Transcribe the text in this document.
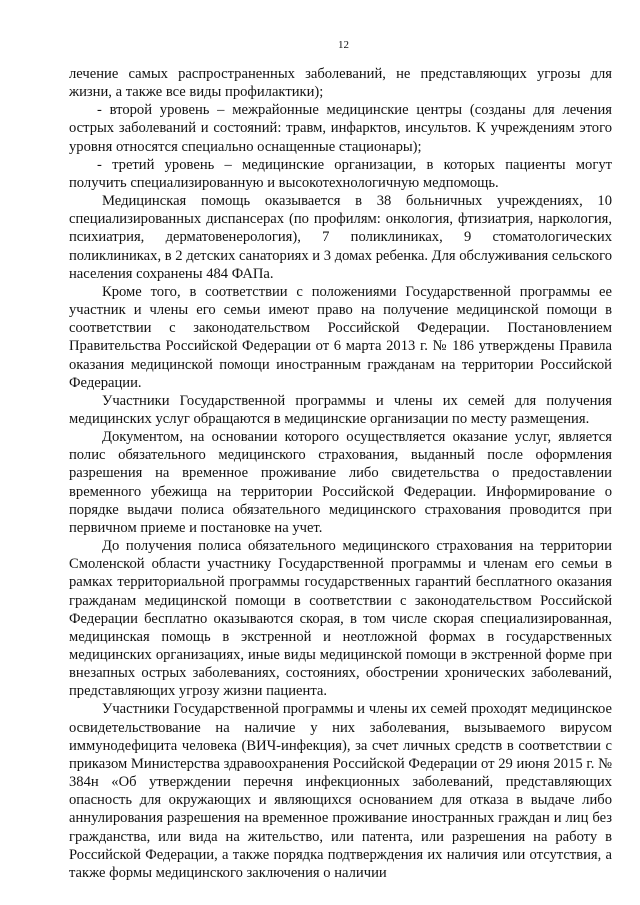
12

лечение самых распространенных заболеваний, не представляющих угрозы для жизни, а также все виды профилактики);

- второй уровень – межрайонные медицинские центры (созданы для лечения острых заболеваний и состояний: травм, инфарктов, инсультов. К учреждениям этого уровня относятся специально оснащенные стационары);

- третий уровень – медицинские организации, в которых пациенты могут получить специализированную и высокотехнологичную медпомощь.

Медицинская помощь оказывается в 38 больничных учреждениях, 10 специализированных диспансерах (по профилям: онкология, фтизиатрия, наркология, психиатрия, дерматовенерология), 7 поликлиниках, 9 стоматологических поликлиниках, в 2 детских санаториях и 3 домах ребенка. Для обслуживания сельского населения сохранены 484 ФАПа.

Кроме того, в соответствии с положениями Государственной программы ее участник и члены его семьи имеют право на получение медицинской помощи в соответствии с законодательством Российской Федерации. Постановлением Правительства Российской Федерации от 6 марта 2013 г. № 186 утверждены Правила оказания медицинской помощи иностранным гражданам на территории Российской Федерации.

Участники Государственной программы и члены их семей для получения медицинских услуг обращаются в медицинские организации по месту размещения.

Документом, на основании которого осуществляется оказание услуг, является полис обязательного медицинского страхования, выданный после оформления разрешения на временное проживание либо свидетельства о предоставлении временного убежища на территории Российской Федерации. Информирование о порядке выдачи полиса обязательного медицинского страхования проводится при первичном приеме и постановке на учет.

До получения полиса обязательного медицинского страхования на территории Смоленской области участнику Государственной программы и членам его семьи в рамках территориальной программы государственных гарантий бесплатного оказания гражданам медицинской помощи в соответствии с законодательством Российской Федерации бесплатно оказываются скорая, в том числе скорая специализированная, медицинская помощь в экстренной и неотложной формах в государственных медицинских организациях, иные виды медицинской помощи в экстренной форме при внезапных острых заболеваниях, состояниях, обострении хронических заболеваний, представляющих угрозу жизни пациента.

Участники Государственной программы и члены их семей проходят медицинское освидетельствование на наличие у них заболевания, вызываемого вирусом иммунодефицита человека (ВИЧ-инфекция), за счет личных средств в соответствии с приказом Министерства здравоохранения Российской Федерации от 29 июня 2015 г. № 384н «Об утверждении перечня инфекционных заболеваний, представляющих опасность для окружающих и являющихся основанием для отказа в выдаче либо аннулирования разрешения на временное проживание иностранных граждан и лиц без гражданства, или вида на жительство, или патента, или разрешения на работу в Российской Федерации, а также порядка подтверждения их наличия или отсутствия, а также формы медицинского заключения о наличии
